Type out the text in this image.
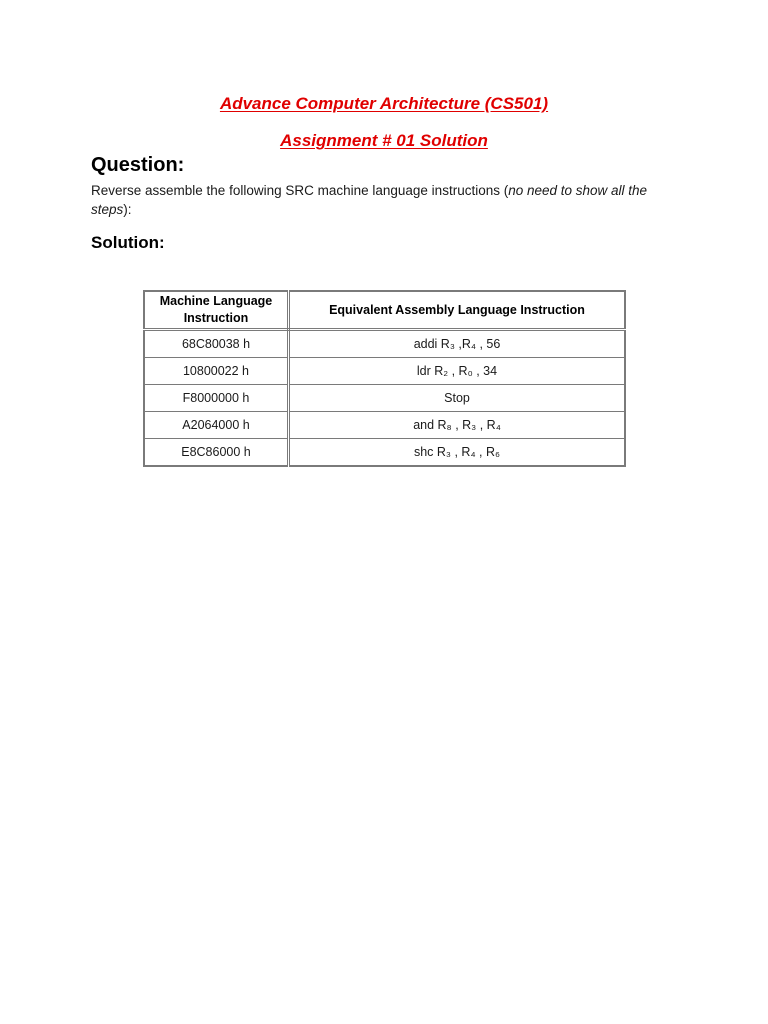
Advance Computer Architecture (CS501)
Assignment # 01 Solution
Question:
Reverse assemble the following SRC machine language instructions (no need to show all the steps):
Solution:
Machine Language Instruction	Equivalent Assembly Language Instruction
68C80038 h	addi R₃ ,R₄ , 56
10800022 h	ldr R₂ , R₀ , 34
F8000000 h	Stop
A2064000 h	and R₈ , R₃ , R₄
E8C86000 h	shc R₃ , R₄ , R₆
